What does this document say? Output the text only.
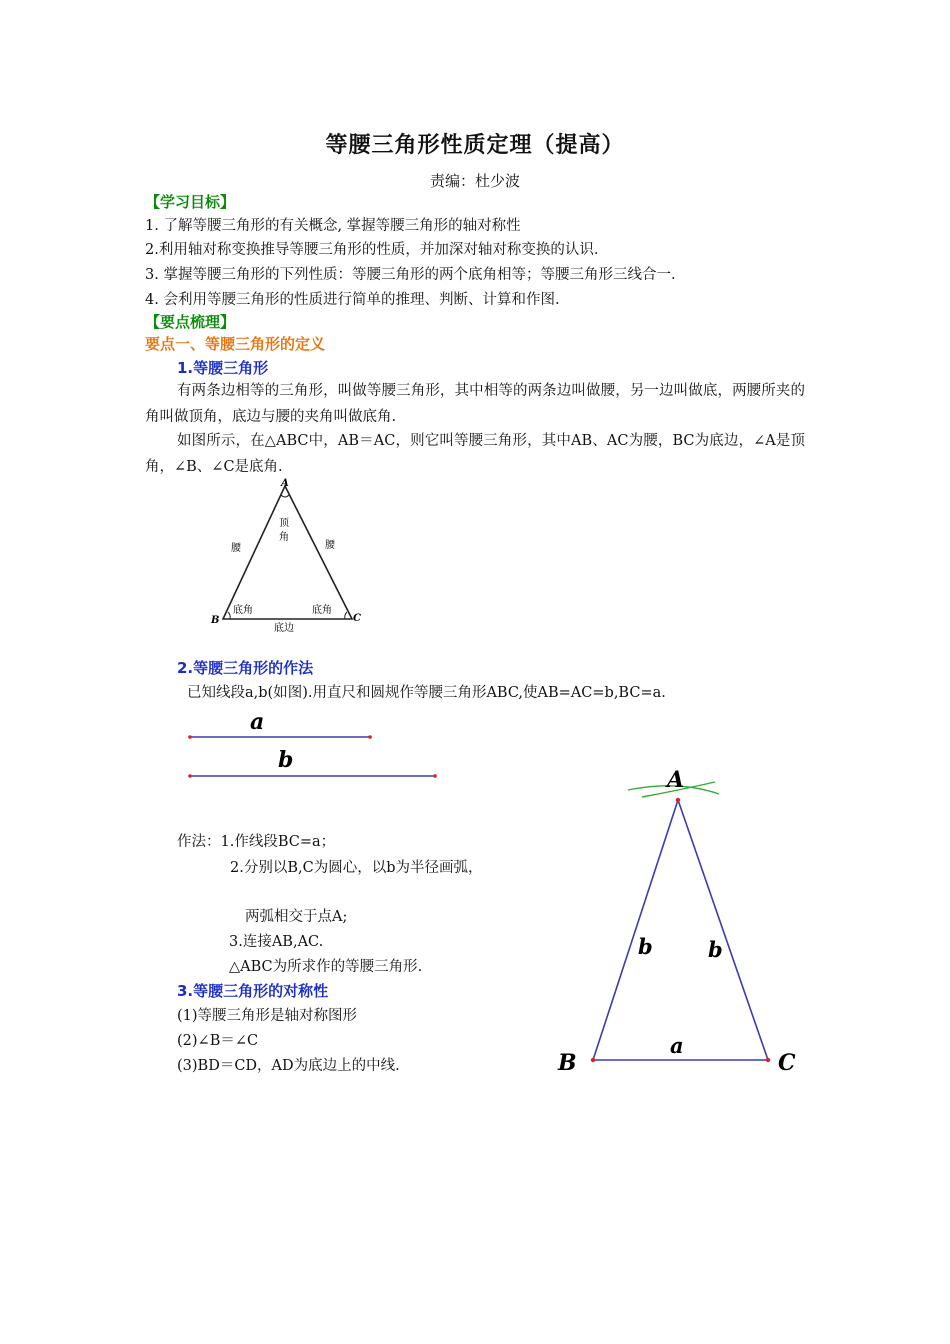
等腰三角形性质定理（提高）
责编：杜少波
【学习目标】
1. 了解等腰三角形的有关概念, 掌握等腰三角形的轴对称性
2.利用轴对称变换推导等腰三角形的性质，并加深对轴对称变换的认识.
3. 掌握等腰三角形的下列性质：等腰三角形的两个底角相等；等腰三角形三线合一.
4. 会利用等腰三角形的性质进行简单的推理、判断、计算和作图.
【要点梳理】
要点一、等腰三角形的定义
1.等腰三角形
有两条边相等的三角形，叫做等腰三角形，其中相等的两条边叫做腰，另一边叫做底，两腰所夹的角叫做顶角，底边与腰的夹角叫做底角.
如图所示，在△ABC中，AB＝AC，则它叫等腰三角形，其中AB、AC为腰，BC为底边，∠A是顶角，∠B、∠C是底角.
A
B	C
顶
角
腰	腰
底角	底角
底边
2.等腰三角形的作法
已知线段a,b(如图).用直尺和圆规作等腰三角形ABC,使AB=AC=b,BC=a.
a
b
作法：1.作线段BC=a；
2.分别以B,C为圆心，以b为半径画弧，
两弧相交于点A;
3.连接AB,AC.
△ABC为所求作的等腰三角形.
A
B	C
b	b
a
3.等腰三角形的对称性
(1)等腰三角形是轴对称图形
(2)∠B＝∠C
(3)BD＝CD，AD为底边上的中线.
